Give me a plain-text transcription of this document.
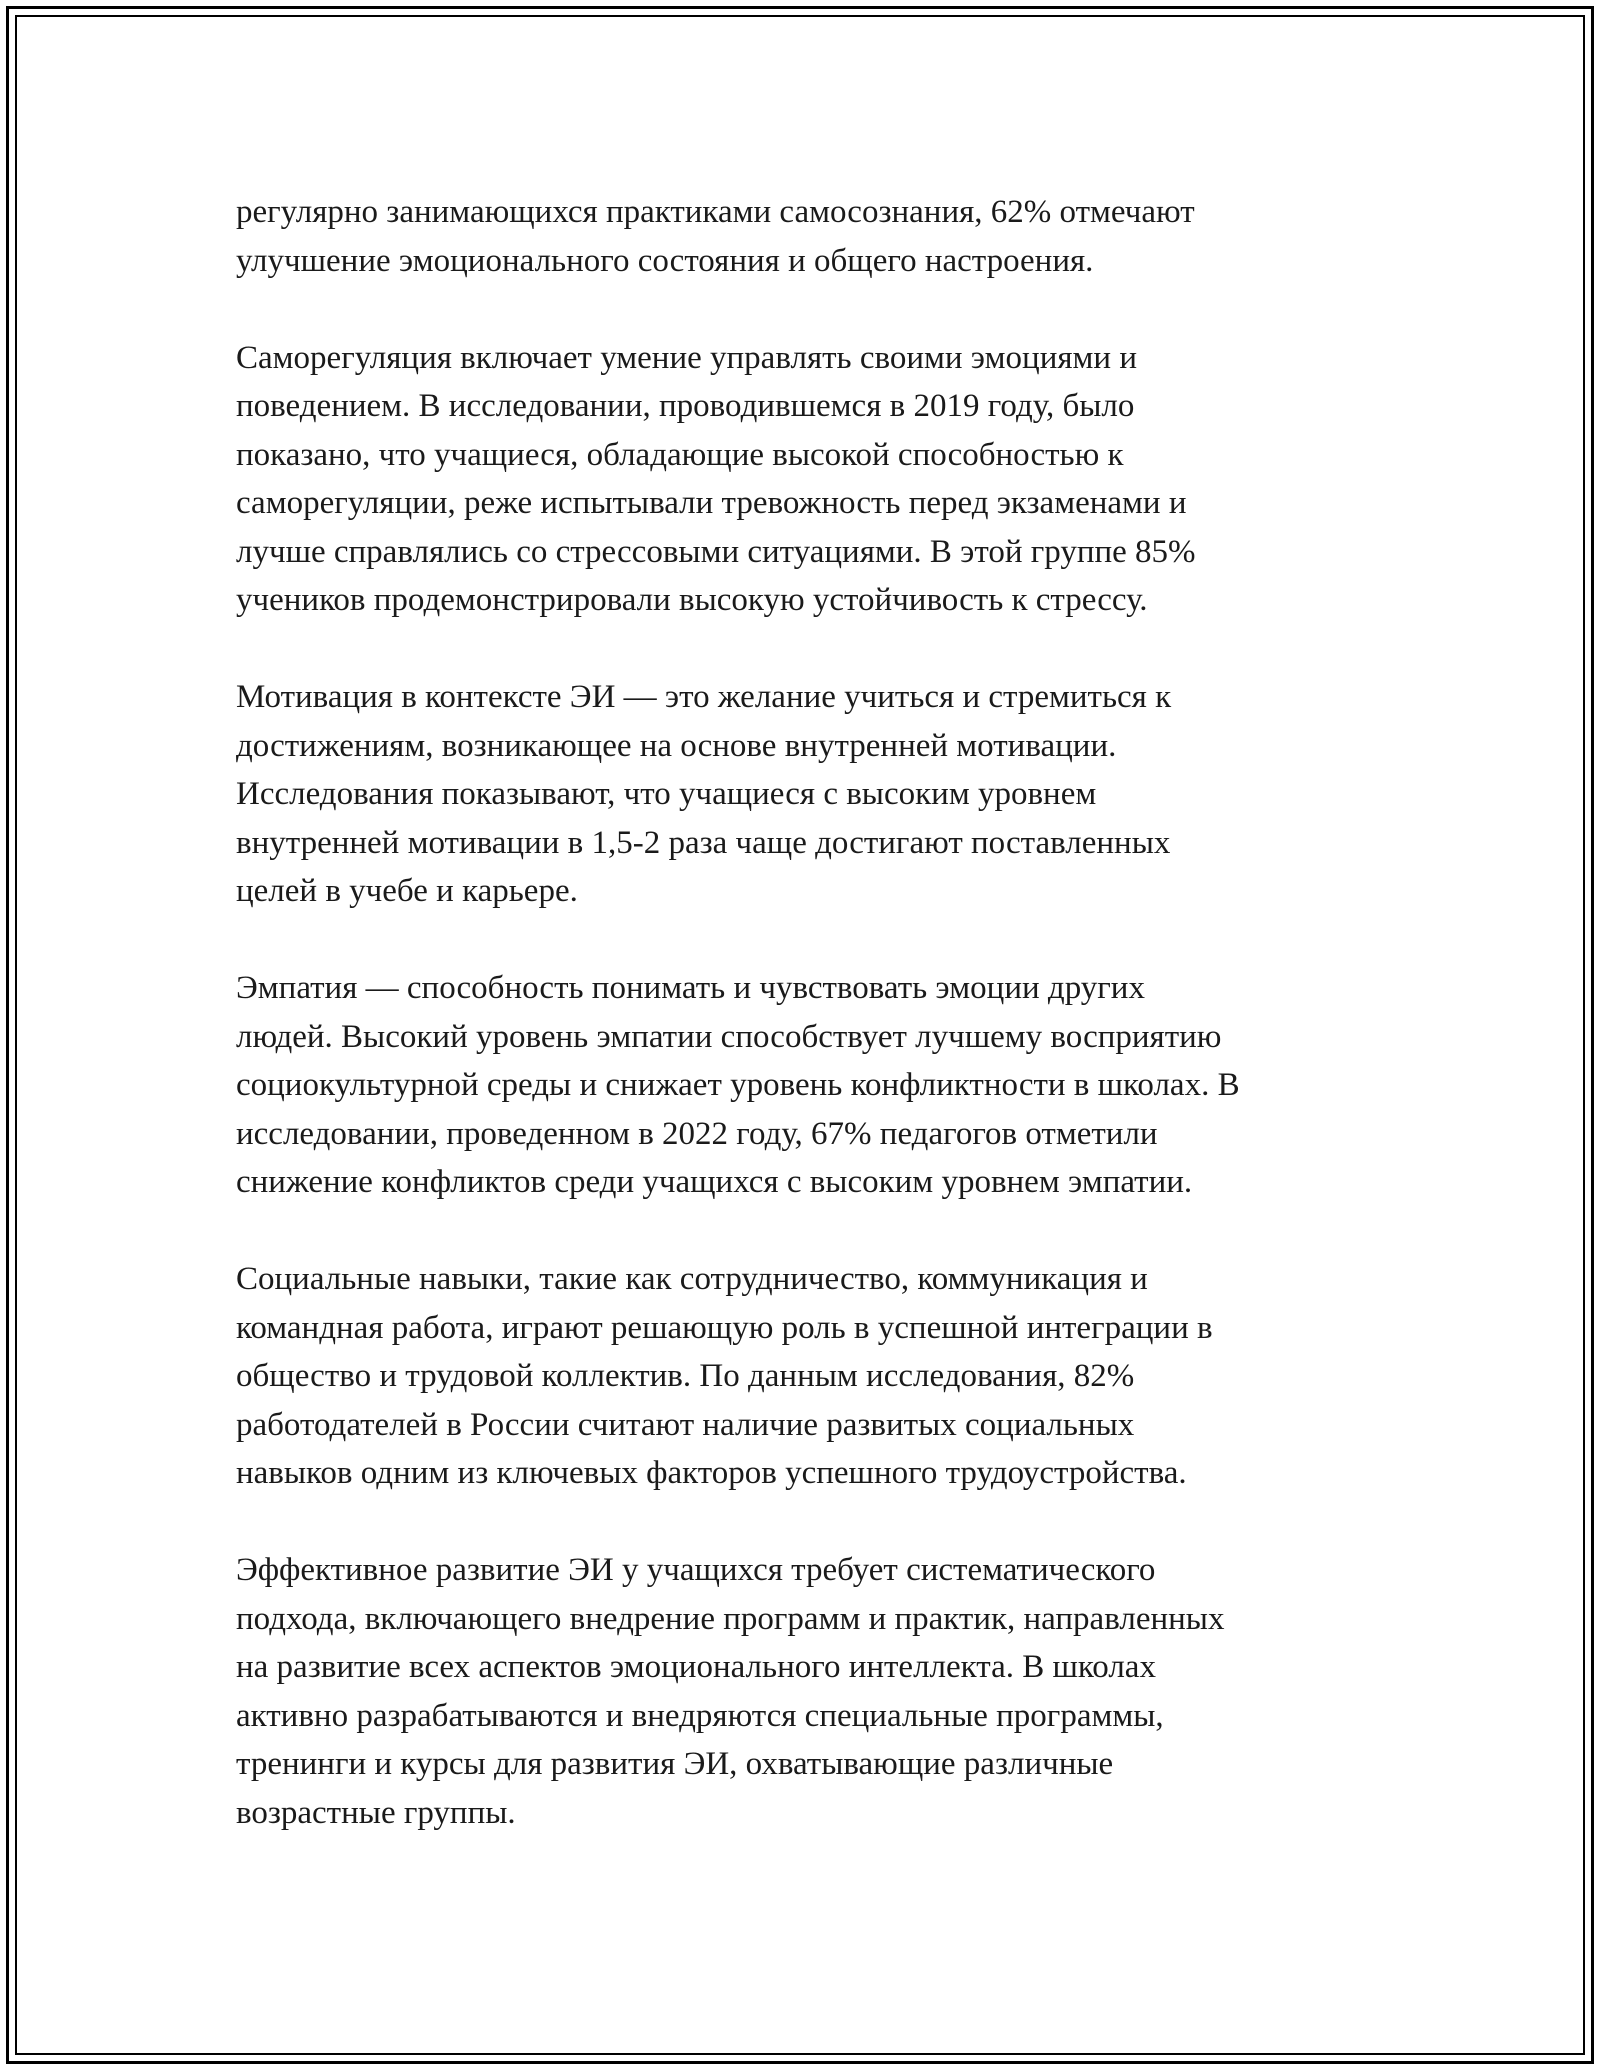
регулярно занимающихся практиками самосознания, 62% отмечают
улучшение эмоционального состояния и общего настроения.

Саморегуляция включает умение управлять своими эмоциями и
поведением. В исследовании, проводившемся в 2019 году, было
показано, что учащиеся, обладающие высокой способностью к
саморегуляции, реже испытывали тревожность перед экзаменами и
лучше справлялись со стрессовыми ситуациями. В этой группе 85%
учеников продемонстрировали высокую устойчивость к стрессу.

Мотивация в контексте ЭИ — это желание учиться и стремиться к
достижениям, возникающее на основе внутренней мотивации.
Исследования показывают, что учащиеся с высоким уровнем
внутренней мотивации в 1,5-2 раза чаще достигают поставленных
целей в учебе и карьере.

Эмпатия — способность понимать и чувствовать эмоции других
людей. Высокий уровень эмпатии способствует лучшему восприятию
социокультурной среды и снижает уровень конфликтности в школах. В
исследовании, проведенном в 2022 году, 67% педагогов отметили
снижение конфликтов среди учащихся с высоким уровнем эмпатии.

Социальные навыки, такие как сотрудничество, коммуникация и
командная работа, играют решающую роль в успешной интеграции в
общество и трудовой коллектив. По данным исследования, 82%
работодателей в России считают наличие развитых социальных
навыков одним из ключевых факторов успешного трудоустройства.

Эффективное развитие ЭИ у учащихся требует систематического
подхода, включающего внедрение программ и практик, направленных
на развитие всех аспектов эмоционального интеллекта. В школах
активно разрабатываются и внедряются специальные программы,
тренинги и курсы для развития ЭИ, охватывающие различные
возрастные группы.
